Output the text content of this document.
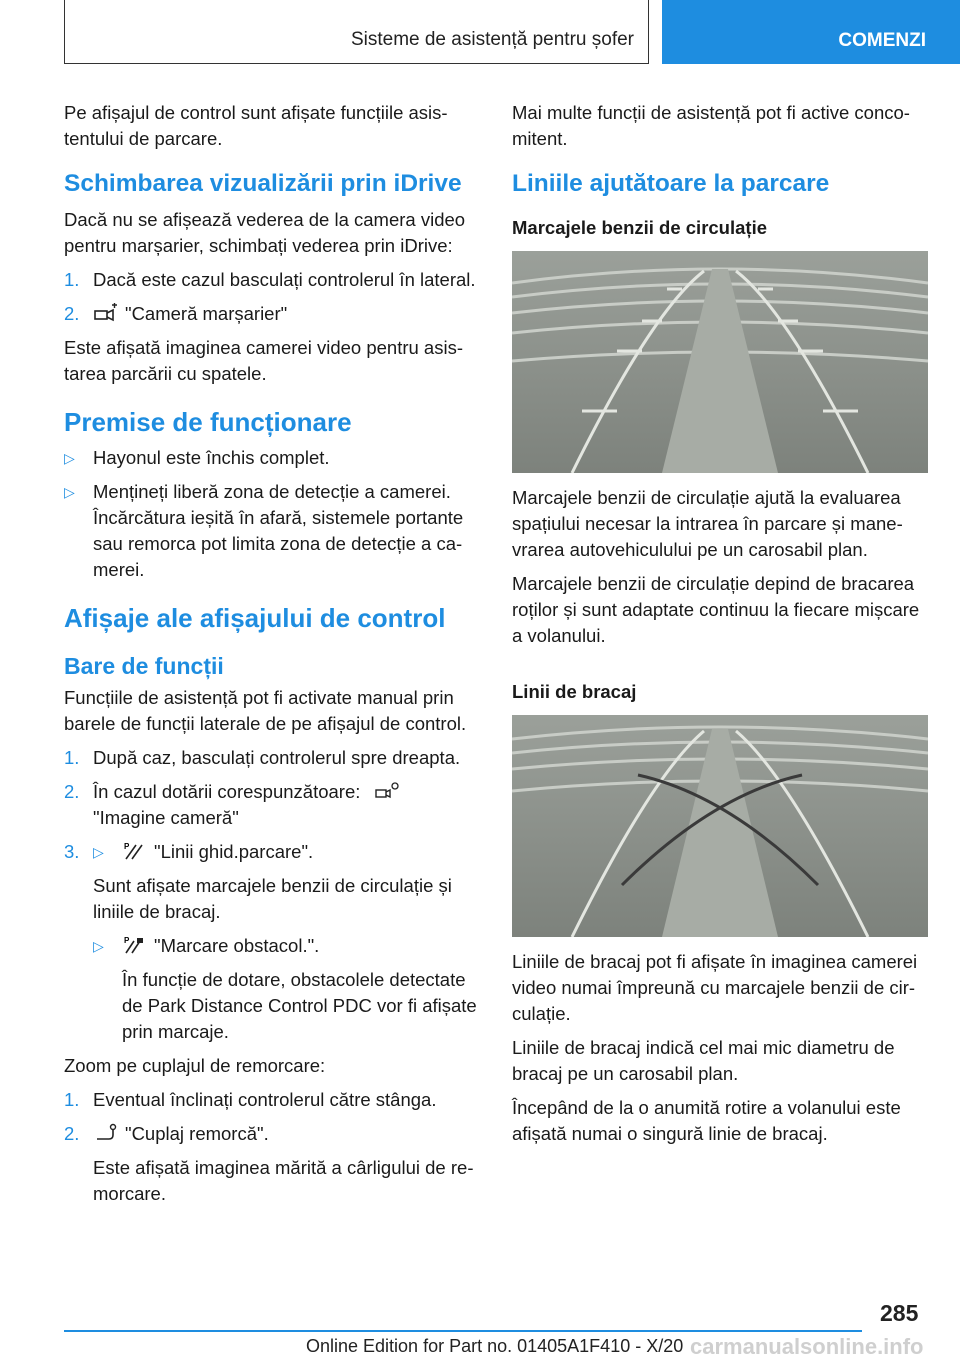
Sisteme de asistență pentru șofer	COMENZI

Pe afișajul de control sunt afișate funcțiile asistentului de parcare.

Schimbarea vizualizării prin iDrive

Dacă nu se afișează vederea de la camera video pentru marșarier, schimbați vederea prin iDrive:

1. Dacă este cazul basculați controlerul în lateral.
2.	"Cameră marșarier"

Este afișată imaginea camerei video pentru asistarea parcării cu spatele.

Premise de funcționare
▷ Hayonul este închis complet.
▷ Mențineți liberă zona de detecție a camerei. Încărcătura ieșită în afară, sistemele portante sau remorca pot limita zona de detecție a camerei.
Afișaje ale afișajului de control
Bare de funcții

Funcțiile de asistență pot fi activate manual prin barele de funcții laterale de pe afișajul de control.

1. După caz, basculați controlerul spre dreapta.
2. În cazul dotării corespunzătoare:
"Imagine cameră"
3. ▷	P "Linii ghid.parcare".
Sunt afișate marcajele benzii de circulație și liniile de bracaj.
▷	P "Marcare obstacol.".
În funcție de dotare, obstacolele detectate de Park Distance Control PDC vor fi afișate prin marcaje.

Zoom pe cuplajul de remorcare:

1. Eventual înclinați controlerul către stânga.
2.	"Cuplaj remorcă".
Este afișată imaginea mărită a cârligului de remorcare.

Mai multe funcții de asistență pot fi active concomitent.

Liniile ajutătoare la parcare
Marcajele benzii de circulație

Marcajele benzii de circulație ajută la evaluarea spațiului necesar la intrarea în parcare și manevrarea autovehiculului pe un carosabil plan.

Marcajele benzii de circulație depind de bracarea roților și sunt adaptate continuu la fiecare mișcare a volanului.

Linii de bracaj

Liniile de bracaj pot fi afișate în imaginea camerei video numai împreună cu marcajele benzii de circulație.

Liniile de bracaj indică cel mai mic diametru de bracaj pe un carosabil plan.

Începând de la o anumită rotire a volanului este afișată numai o singură linie de bracaj.

285
Online Edition for Part no. 01405A1F410 - X/20 carmanualsonline.info
